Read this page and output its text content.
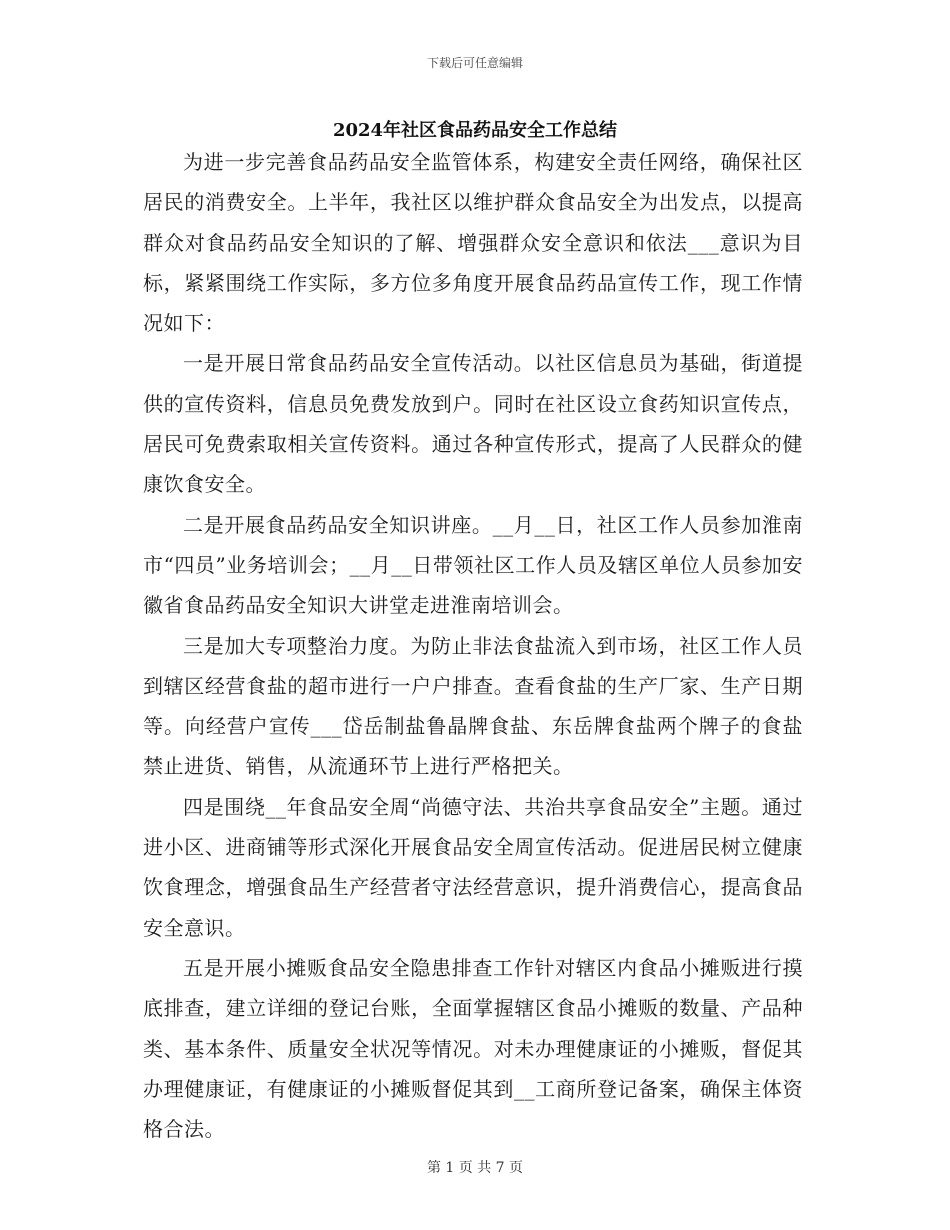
下载后可任意编辑
2024年社区食品药品安全工作总结

为进一步完善食品药品安全监管体系，构建安全责任网络，确保社区居民的消费安全。上半年，我社区以维护群众食品安全为出发点，以提高群众对食品药品安全知识的了解、增强群众安全意识和依法___意识为目标，紧紧围绕工作实际，多方位多角度开展食品药品宣传工作，现工作情况如下：

一是开展日常食品药品安全宣传活动。以社区信息员为基础，街道提供的宣传资料，信息员免费发放到户。同时在社区设立食药知识宣传点，居民可免费索取相关宣传资料。通过各种宣传形式，提高了人民群众的健康饮食安全。

二是开展食品药品安全知识讲座。__月__日，社区工作人员参加淮南市“四员”业务培训会；__月__日带领社区工作人员及辖区单位人员参加安徽省食品药品安全知识大讲堂走进淮南培训会。

三是加大专项整治力度。为防止非法食盐流入到市场，社区工作人员到辖区经营食盐的超市进行一户户排查。查看食盐的生产厂家、生产日期等。向经营户宣传___岱岳制盐鲁晶牌食盐、东岳牌食盐两个牌子的食盐禁止进货、销售，从流通环节上进行严格把关。

四是围绕__年食品安全周“尚德守法、共治共享食品安全”主题。通过进小区、进商铺等形式深化开展食品安全周宣传活动。促进居民树立健康饮食理念，增强食品生产经营者守法经营意识，提升消费信心，提高食品安全意识。

五是开展小摊贩食品安全隐患排查工作针对辖区内食品小摊贩进行摸底排查，建立详细的登记台账，全面掌握辖区食品小摊贩的数量、产品种类、基本条件、质量安全状况等情况。对未办理健康证的小摊贩，督促其办理健康证，有健康证的小摊贩督促其到__工商所登记备案，确保主体资格合法。

第 1 页 共 7 页
